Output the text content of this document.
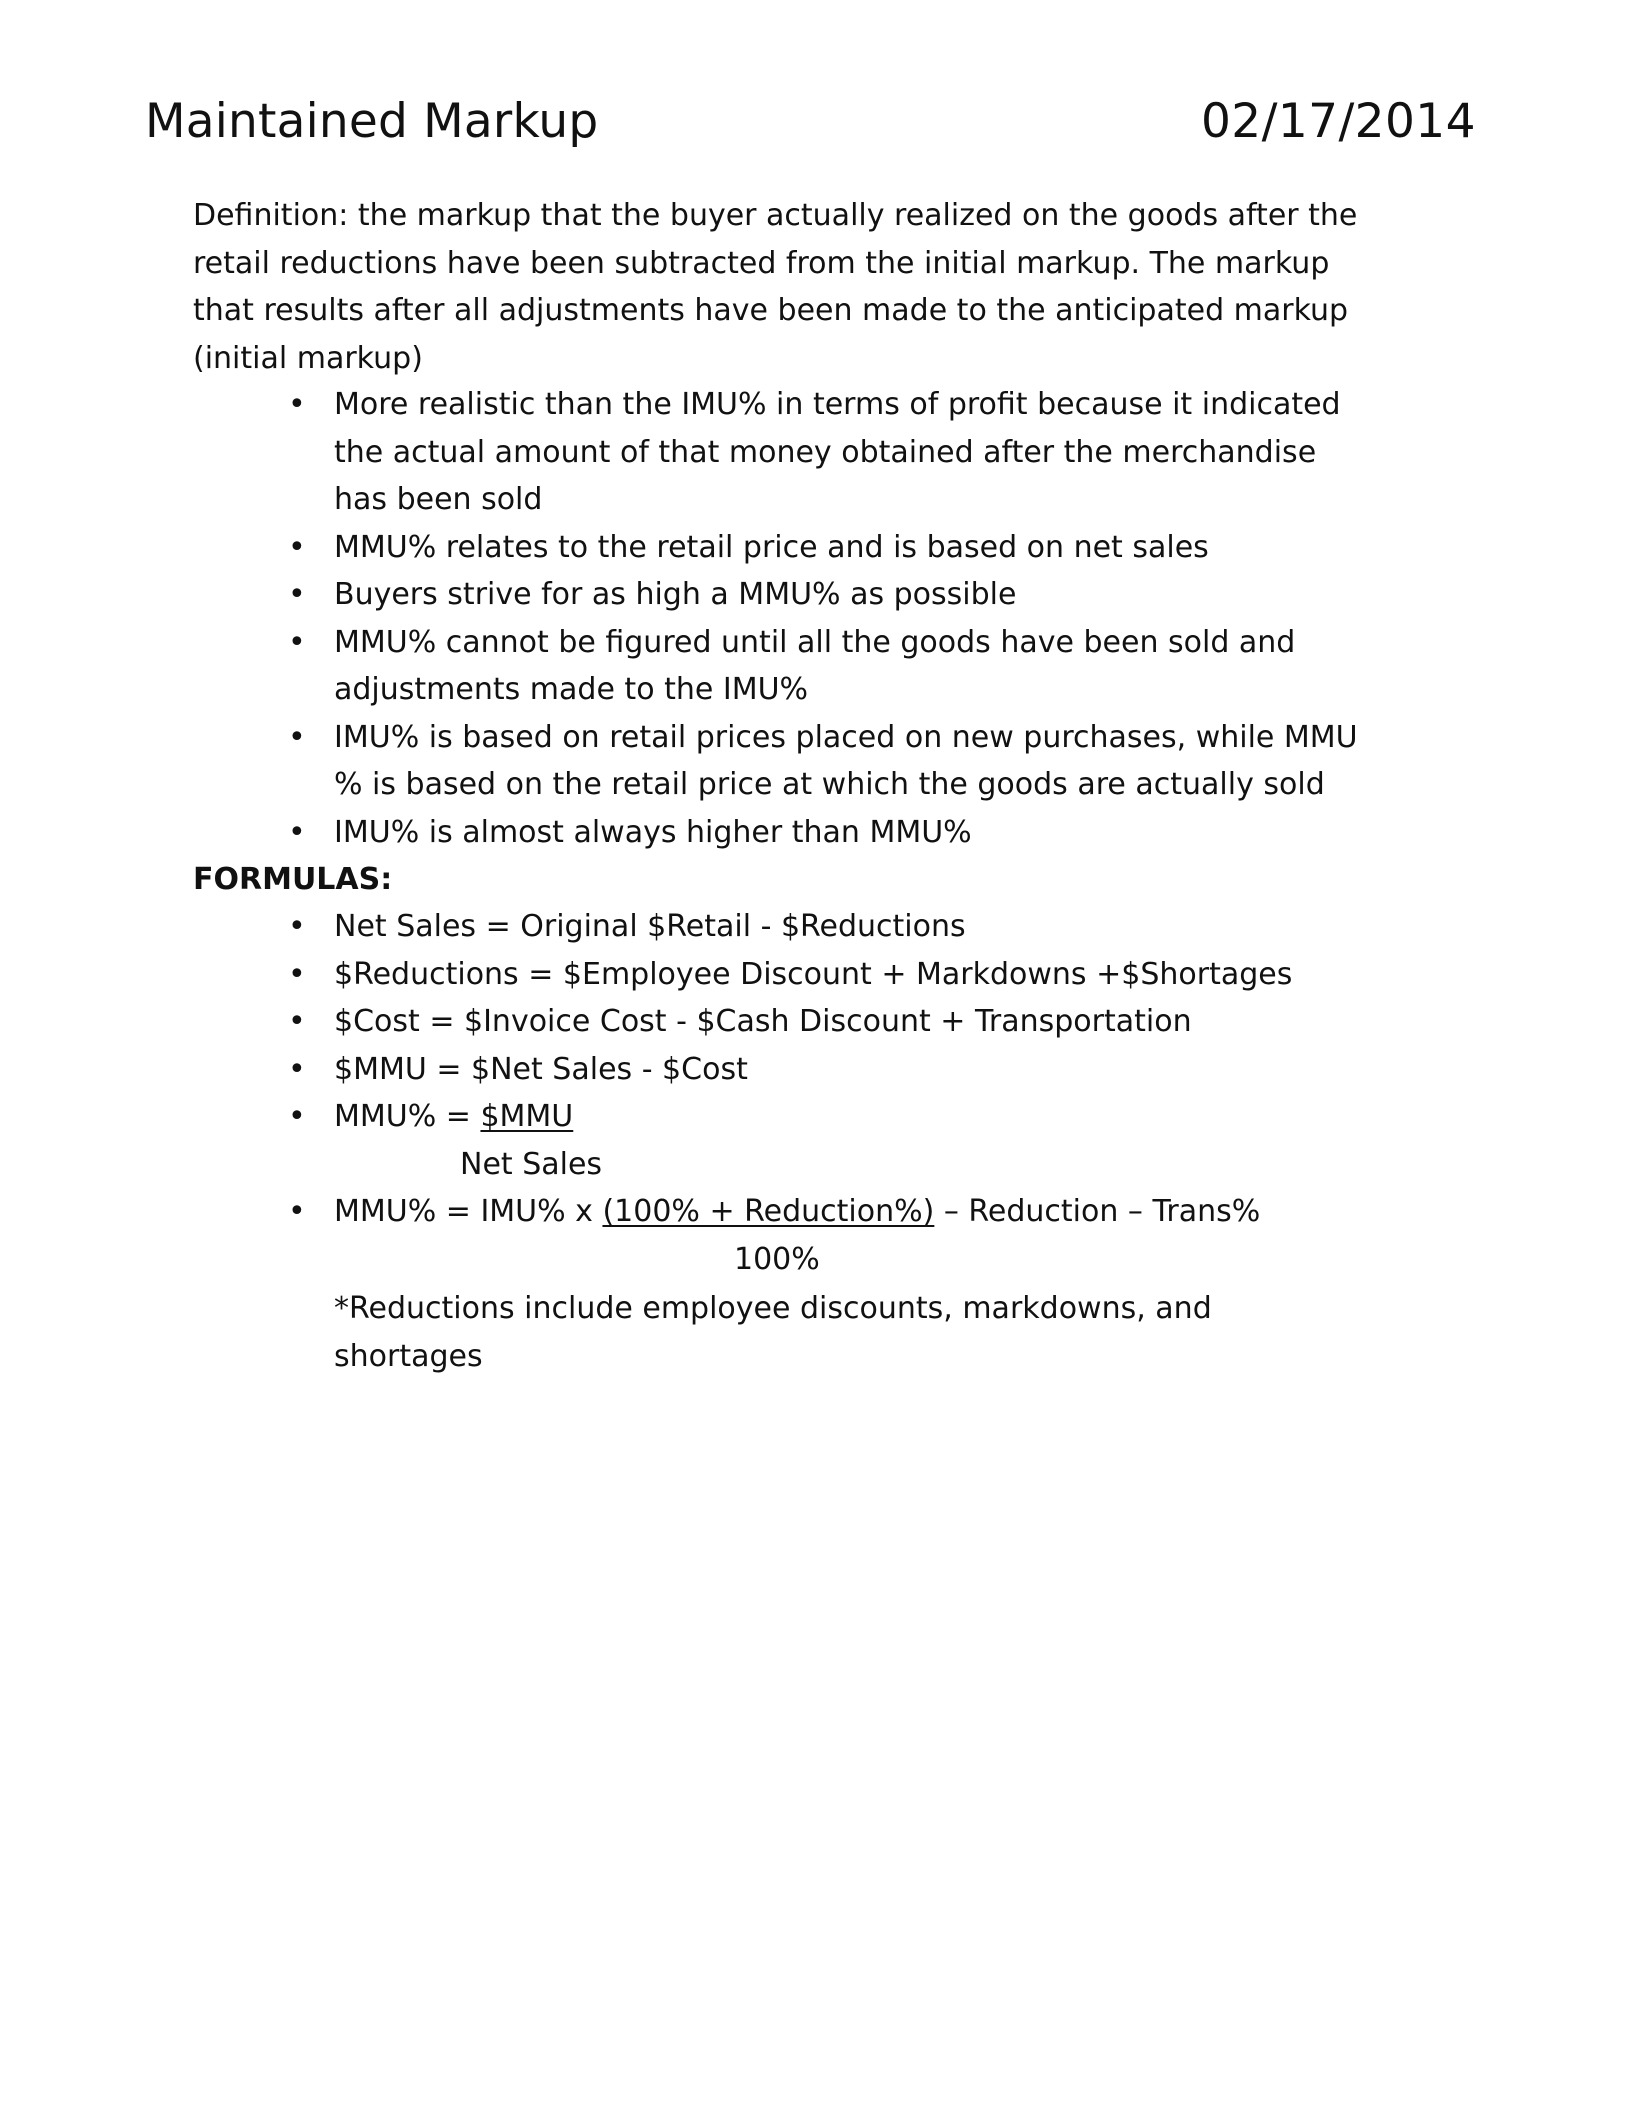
Maintained Markup	02/17/2014
Definition: the markup that the buyer actually realized on the goods after the
retail reductions have been subtracted from the initial markup. The markup
that results after all adjustments have been made to the anticipated markup
(initial markup)
• More realistic than the IMU% in terms of profit because it indicated
the actual amount of that money obtained after the merchandise
has been sold
• MMU% relates to the retail price and is based on net sales
• Buyers strive for as high a MMU% as possible
• MMU% cannot be figured until all the goods have been sold and
adjustments made to the IMU%
• IMU% is based on retail prices placed on new purchases, while MMU
% is based on the retail price at which the goods are actually sold
• IMU% is almost always higher than MMU%
FORMULAS:
• Net Sales = Original $Retail - $Reductions
• $Reductions = $Employee Discount + Markdowns +$Shortages
• $Cost = $Invoice Cost - $Cash Discount + Transportation
• $MMU = $Net Sales - $Cost
• MMU% = $MMU
Net Sales
• MMU% = IMU% x (100% + Reduction%) – Reduction – Trans%
100%
*Reductions include employee discounts, markdowns, and
shortages
